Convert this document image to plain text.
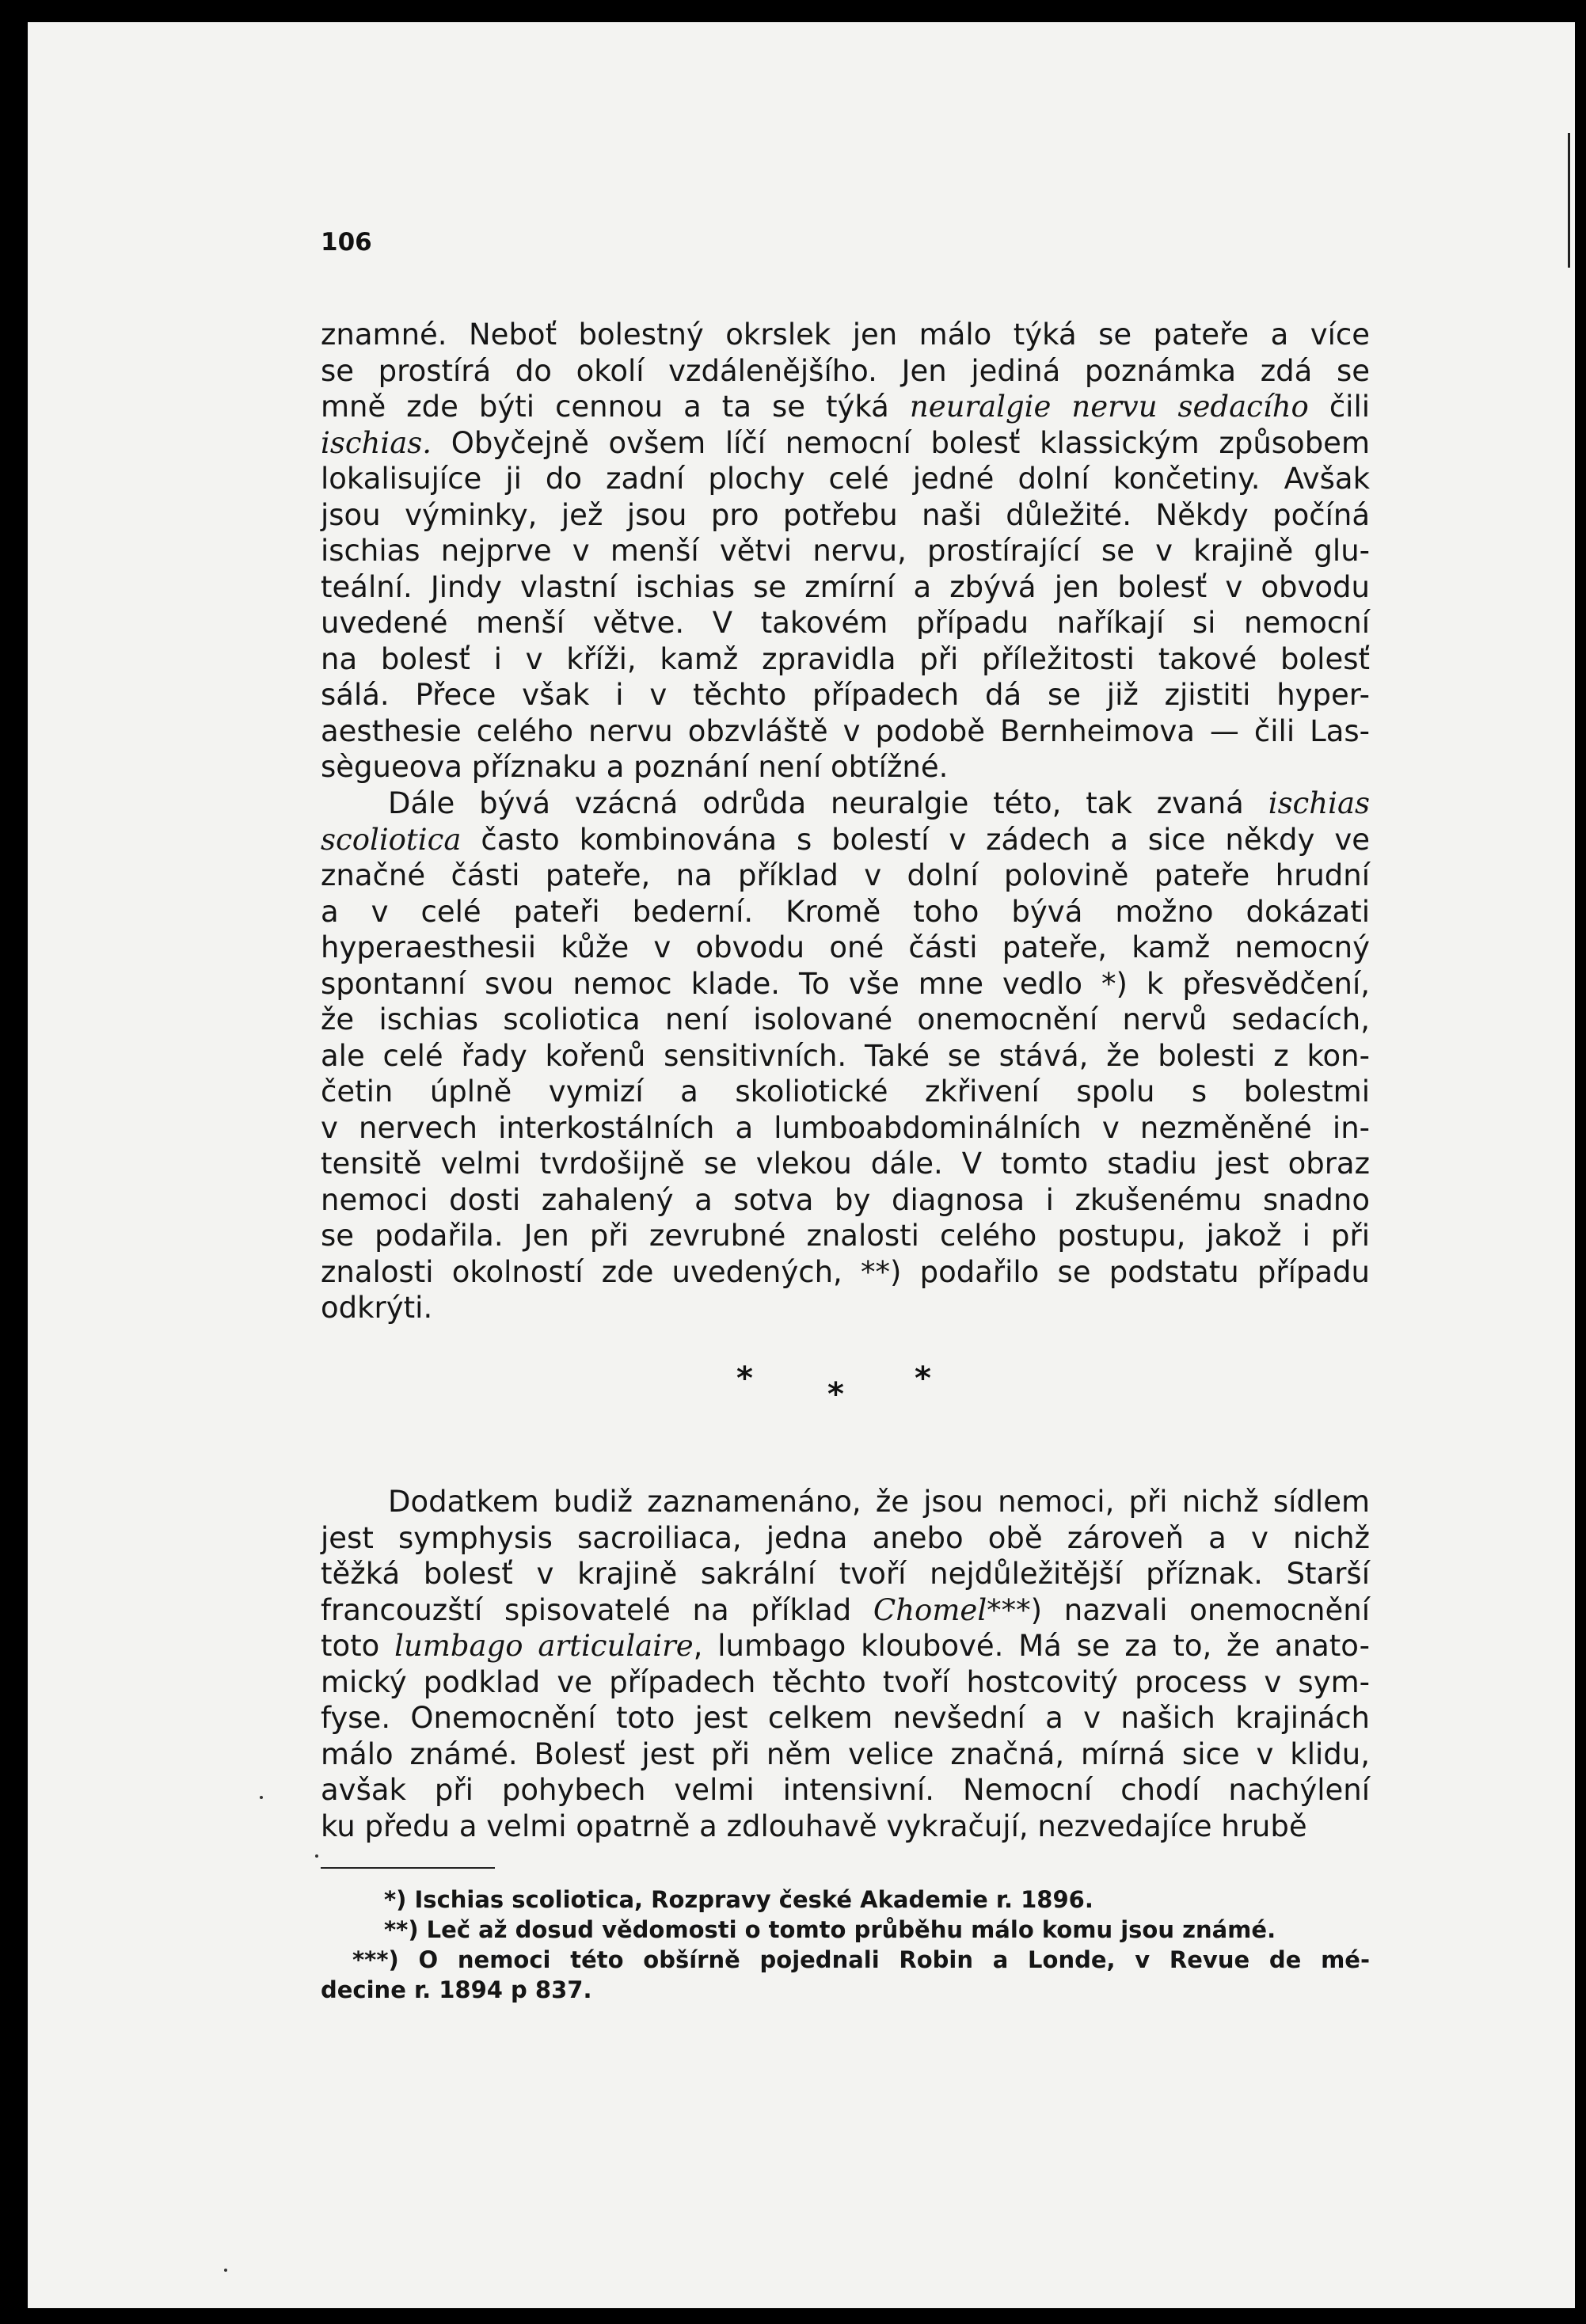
106
znamné. Neboť bolestný okrslek jen málo týká se pateře a více
se prostírá do okolí vzdálenějšího. Jen jediná poznámka zdá se
mně zde býti cennou a ta se týká neuralgie nervu sedacího čili
ischias. Obyčejně ovšem líčí nemocní bolesť klassickým způsobem
lokalisujíce ji do zadní plochy celé jedné dolní končetiny. Avšak
jsou výminky, jež jsou pro potřebu naši důležité. Někdy počíná
ischias nejprve v menší větvi nervu, prostírající se v krajině glu-
teální. Jindy vlastní ischias se zmírní a zbývá jen bolesť v obvodu
uvedené menší větve. V takovém případu naříkají si nemocní
na bolesť i v kříži, kamž zpravidla při příležitosti takové bolesť
sálá. Přece však i v těchto případech dá se již zjistiti hyper-
aesthesie celého nervu obzvláště v podobě Bernheimova — čili Las-
sègueova příznaku a poznání není obtížné.
Dále bývá vzácná odrůda neuralgie této, tak zvaná ischias
scoliotica často kombinována s bolestí v zádech a sice někdy ve
značné části pateře, na příklad v dolní polovině pateře hrudní
a v celé pateři bederní. Kromě toho bývá možno dokázati
hyperaesthesii kůže v obvodu oné části pateře, kamž nemocný
spontanní svou nemoc klade. To vše mne vedlo *) k přesvědčení,
že ischias scoliotica není isolované onemocnění nervů sedacích,
ale celé řady kořenů sensitivních. Také se stává, že bolesti z kon-
četin úplně vymizí a skoliotické zkřivení spolu s bolestmi
v nervech interkostálních a lumboabdominálních v nezměněné in-
tensitě velmi tvrdošijně se vlekou dále. V tomto stadiu jest obraz
nemoci dosti zahalený a sotva by diagnosa i zkušenému snadno
se podařila. Jen při zevrubné znalosti celého postupu, jakož i při
znalosti okolností zde uvedených, **) podařilo se podstatu případu
odkrýti.
* * *
Dodatkem budiž zaznamenáno, že jsou nemoci, při nichž sídlem
jest symphysis sacroiliaca, jedna anebo obě zároveň a v nichž
těžká bolesť v krajině sakrální tvoří nejdůležitější příznak. Starší
francouzští spisovatelé na příklad Chomel***) nazvali onemocnění
toto lumbago articulaire, lumbago kloubové. Má se za to, že anato-
mický podklad ve případech těchto tvoří hostcovitý process v sym-
fyse. Onemocnění toto jest celkem nevšední a v našich krajinách
málo známé. Bolesť jest při něm velice značná, mírná sice v klidu,
avšak při pohybech velmi intensivní. Nemocní chodí nachýlení
ku předu a velmi opatrně a zdlouhavě vykračují, nezvedajíce hrubě
*) Ischias scoliotica, Rozpravy české Akademie r. 1896.
**) Leč až dosud vědomosti o tomto průběhu málo komu jsou známé.
***) O nemoci této obšírně pojednali Robin a Londe, v Revue de mé-
decine r. 1894 p 837.
